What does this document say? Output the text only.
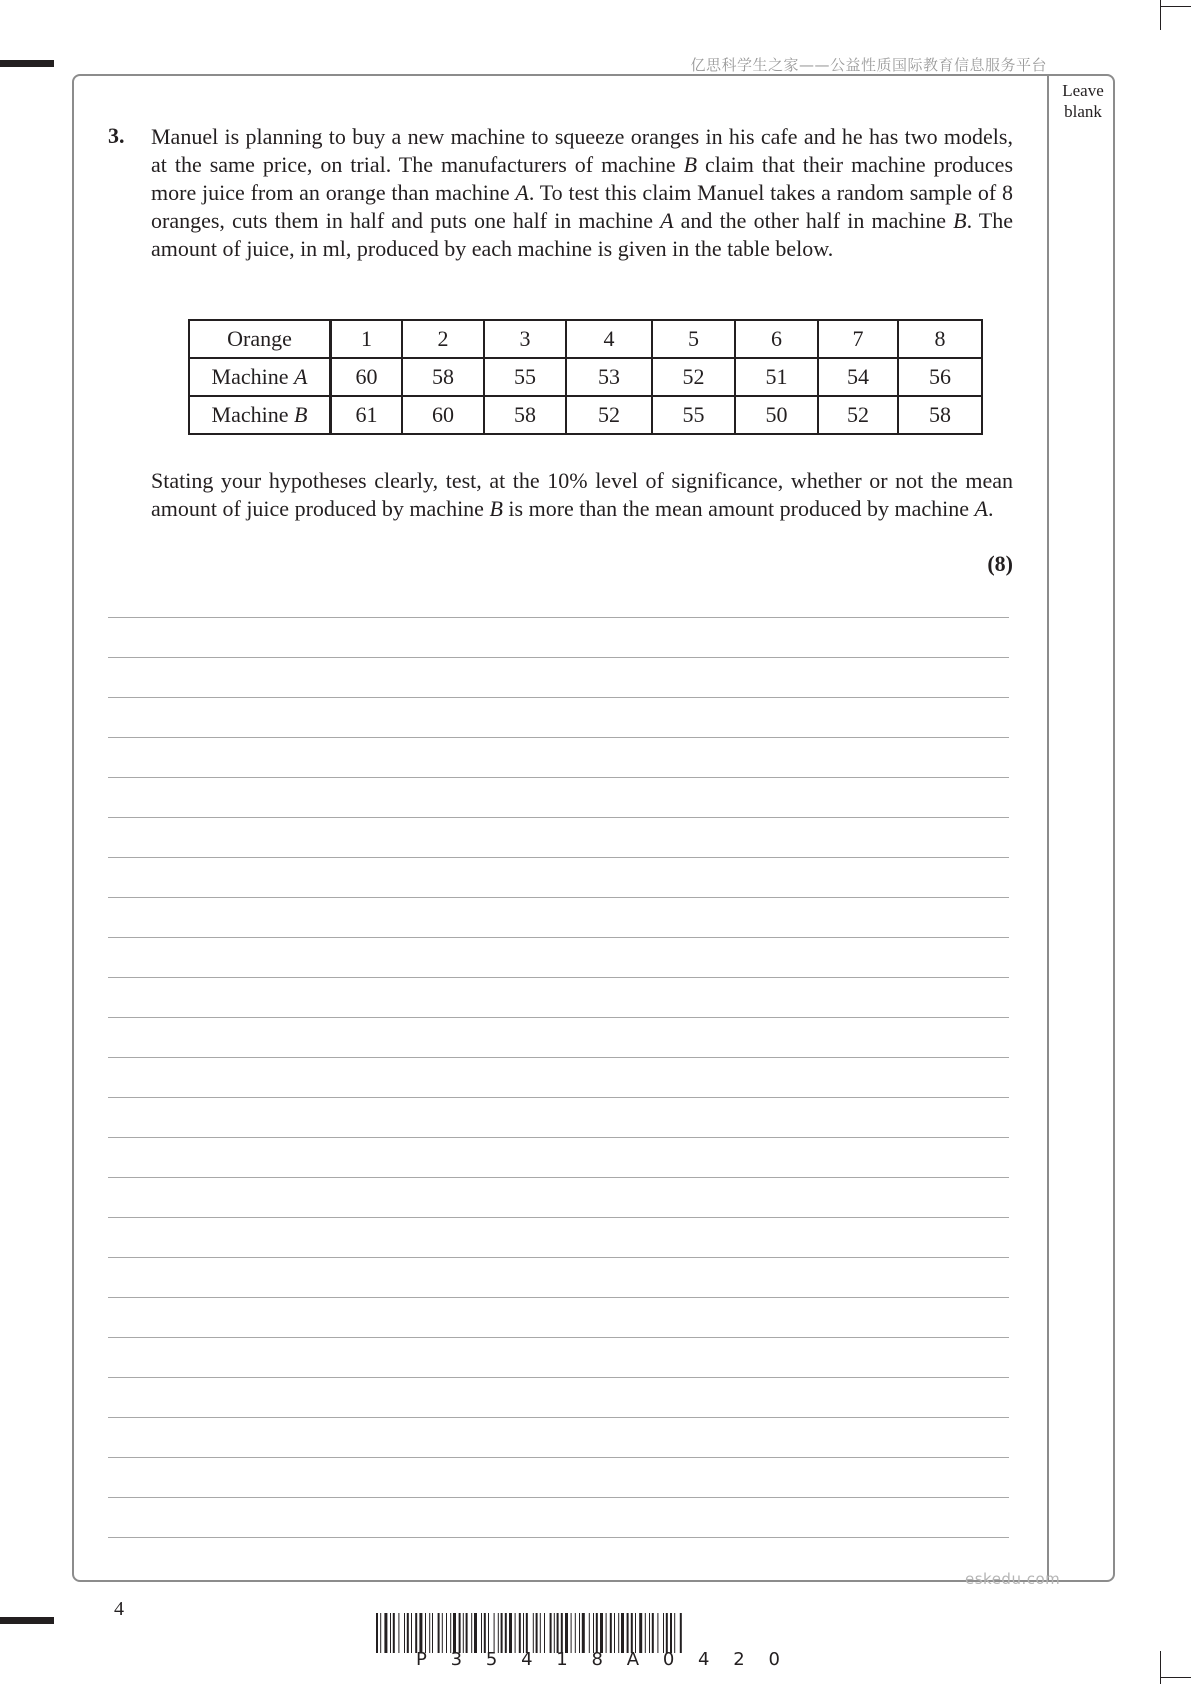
亿思科学生之家——公益性质国际教育信息服务平台
Leave
blank
3. Manuel is planning to buy a new machine to squeeze oranges in his cafe and he has two models, at the same price, on trial. The manufacturers of machine B claim that their machine produces more juice from an orange than machine A. To test this claim Manuel takes a random sample of 8 oranges, cuts them in half and puts one half in machine A and the other half in machine B. The amount of juice, in ml, produced by each machine is given in the table below.
Orange	1	2	3	4	5	6	7	8
Machine A	60	58	55	53	52	51	54	56
Machine B	61	60	58	52	55	50	52	58
Stating your hypotheses clearly, test, at the 10% level of significance, whether or not the mean amount of juice produced by machine B is more than the mean amount produced by machine A.
(8)
4
eskedu.com
P 3 5 4 1 8 A 0 4 2 0
